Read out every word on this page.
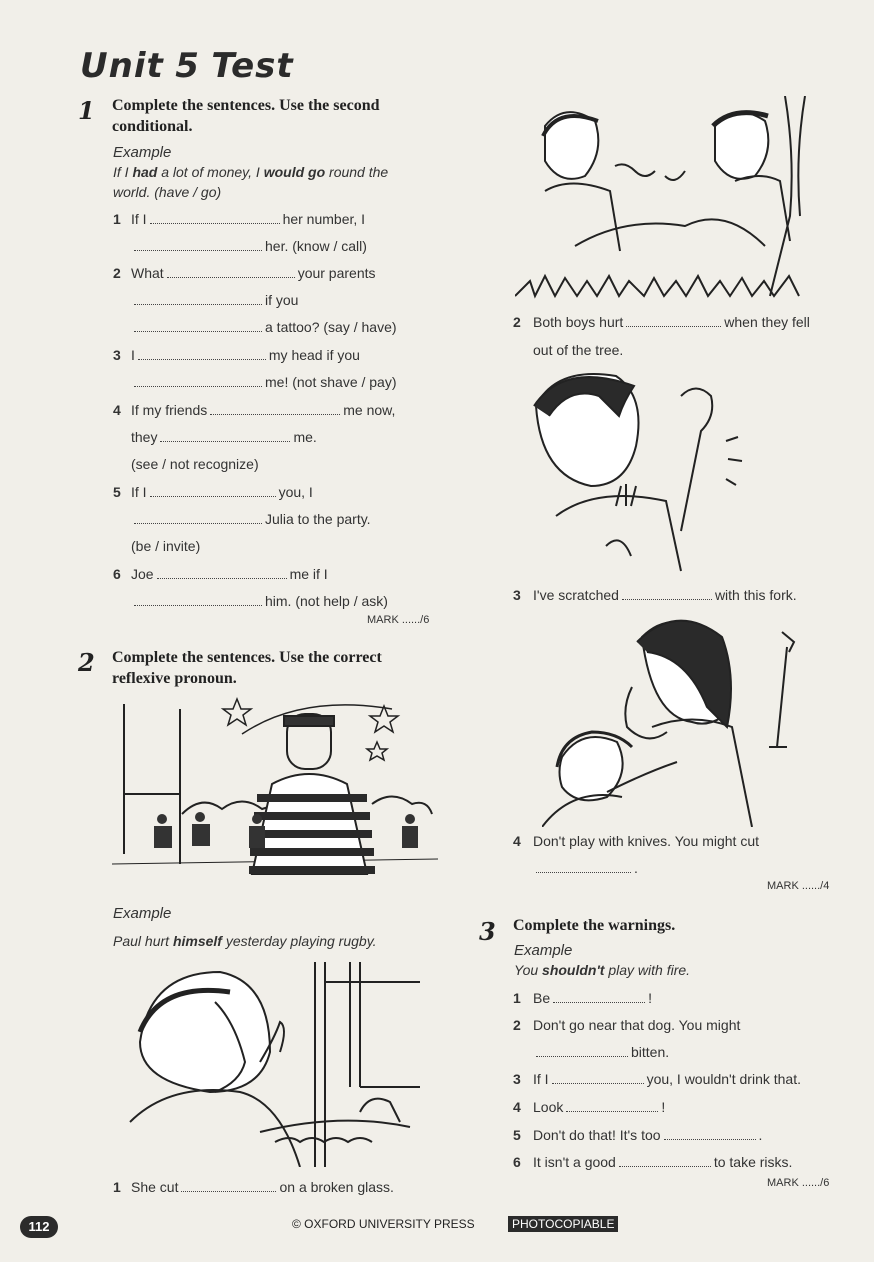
Unit 5 Test
1 Complete the sentences. Use the second
conditional.
Example
If I had a lot of money, I would go round the
world. (have / go)
1 If I	her number, I
her. (know / call)
2 What	your parents
if you
a tattoo? (say / have)
3 I	my head if you
me! (not shave / pay)
4 If my friends	me now,
they	me.
(see / not recognize)
5 If I	you, I
Julia to the party.
(be / invite)
6 Joe	me if I
him. (not help / ask)
MARK ....../6
2 Complete the sentences. Use the correct
reflexive pronoun.
Example
Paul hurt himself yesterday playing rugby.
1 She cut	on a broken glass.
2 Both boys hurt	when they fell
out of the tree.
3 I've scratched	with this fork.
4 Don't play with knives. You might cut
.
MARK ....../4
3 Complete the warnings.
Example
You shouldn't play with fire.
1 Be	!
2 Don't go near that dog. You might
bitten.
3 If I	you, I wouldn't drink that.
4 Look	!
5 Don't do that! It's too	.
6 It isn't a good	to take risks.
MARK ....../6
112	© OXFORD UNIVERSITY PRESS	PHOTOCOPIABLE
